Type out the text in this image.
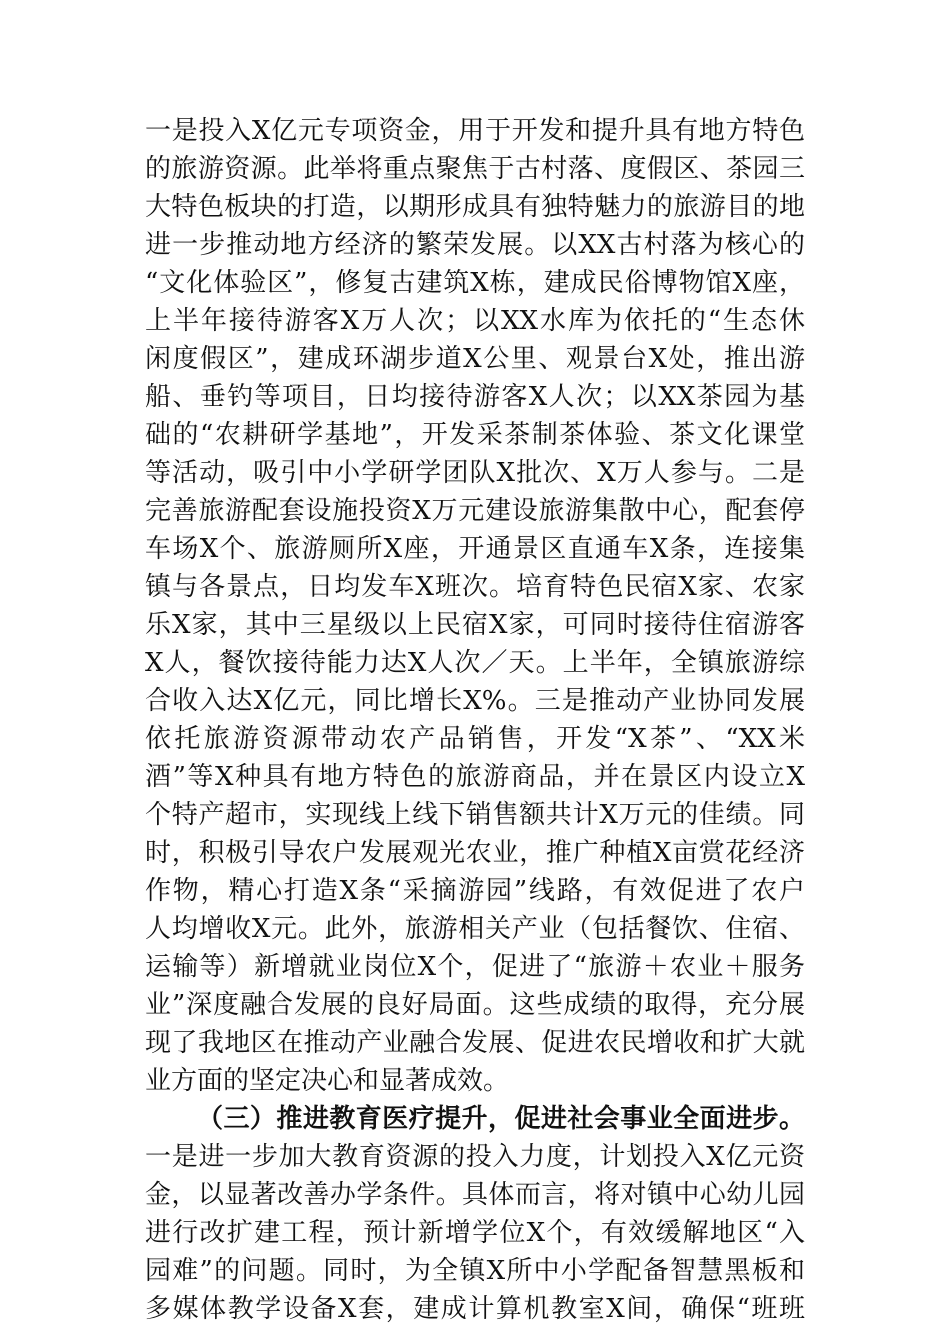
一是投入X亿元专项资金，用于开发和提升具有地方特色
的旅游资源。此举将重点聚焦于古村落、度假区、茶园三
大特色板块的打造，以期形成具有独特魅力的旅游目的地
进一步推动地方经济的繁荣发展。以XX古村落为核心的
“文化体验区”，修复古建筑X栋，建成民俗博物馆X座，
上半年接待游客X万人次；以XX水库为依托的“生态休
闲度假区”，建成环湖步道X公里、观景台X处，推出游
船、垂钓等项目，日均接待游客X人次；以XX茶园为基
础的“农耕研学基地”，开发采茶制茶体验、茶文化课堂
等活动，吸引中小学研学团队X批次、X万人参与。二是
完善旅游配套设施投资X万元建设旅游集散中心，配套停
车场X个、旅游厕所X座，开通景区直通车X条，连接集
镇与各景点，日均发车X班次。培育特色民宿X家、农家
乐X家，其中三星级以上民宿X家，可同时接待住宿游客
X人，餐饮接待能力达X人次／天。上半年，全镇旅游综
合收入达X亿元，同比增长X%。三是推动产业协同发展
依托旅游资源带动农产品销售，开发“X茶”、“XX米
酒”等X种具有地方特色的旅游商品，并在景区内设立X
个特产超市，实现线上线下销售额共计X万元的佳绩。同
时，积极引导农户发展观光农业，推广种植X亩赏花经济
作物，精心打造X条“采摘游园”线路，有效促进了农户
人均增收X元。此外，旅游相关产业（包括餐饮、住宿、
运输等）新增就业岗位X个，促进了“旅游＋农业＋服务
业”深度融合发展的良好局面。这些成绩的取得，充分展
现了我地区在推动产业融合发展、促进农民增收和扩大就
业方面的坚定决心和显著成效。
（三）推进教育医疗提升，促进社会事业全面进步。
一是进一步加大教育资源的投入力度，计划投入X亿元资
金，以显著改善办学条件。具体而言，将对镇中心幼儿园
进行改扩建工程，预计新增学位X个，有效缓解地区“入
园难”的问题。同时，为全镇X所中小学配备智慧黑板和
多媒体教学设备X套，建成计算机教室X间，确保“班班
